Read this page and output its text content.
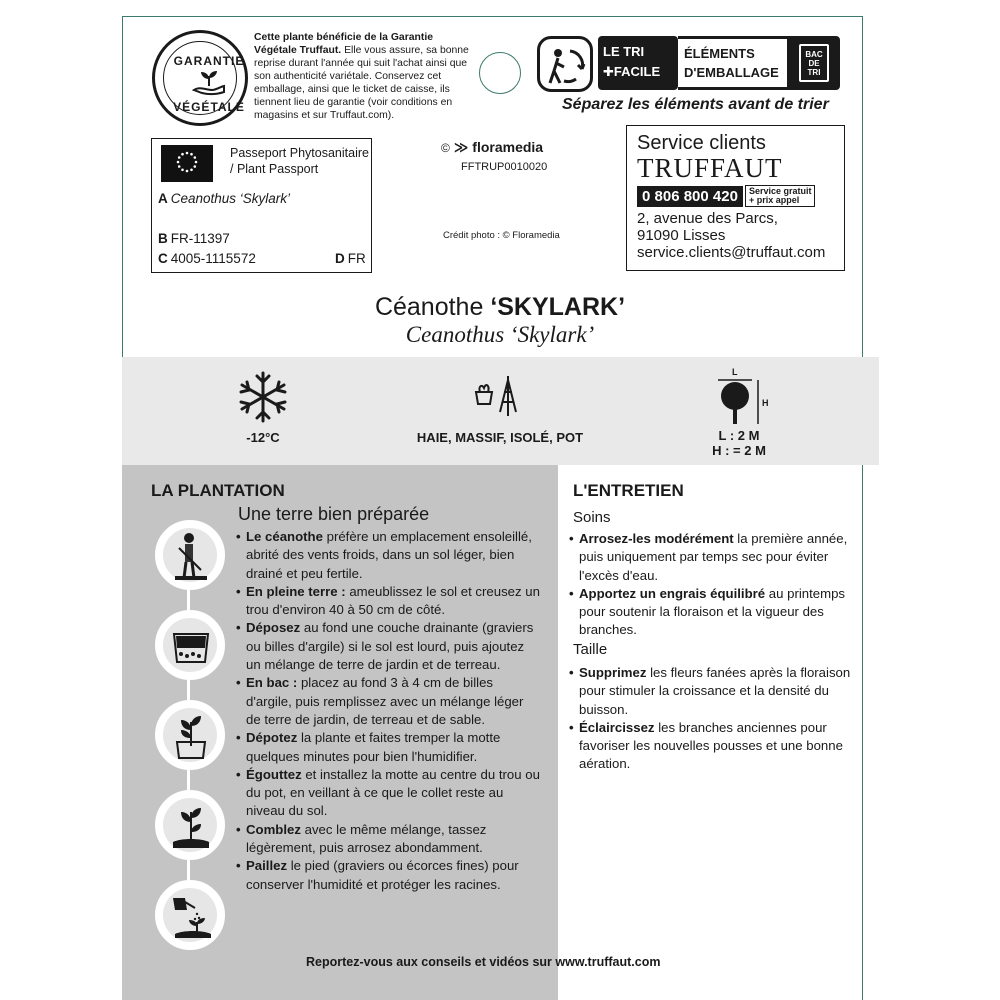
GARANTIE
VÉGÉTALE
Cette plante bénéficie de la Garantie Végétale Truffaut. Elle vous assure, sa bonne reprise durant l'année qui suit l'achat ainsi que son authenticité variétale. Conservez cet emballage, ainsi que le ticket de caisse, ils tiennent lieu de garantie (voir conditions en magasins et sur Truffaut.com).
LE TRI
✚FACILE
ÉLÉMENTS
D'EMBALLAGE
BAC DE TRI
Séparez les éléments avant de trier
Passeport Phytosanitaire
/ Plant Passport
A Ceanothus ‘Skylark’
B FR-11397
C 4005-1115572	D FR
© ≫ floramedia
FFTRUP0010020
Crédit photo : © Floramedia
Service clients
TRUFFAUT
0 806 800 420	Service gratuit
+ prix appel
2, avenue des Parcs,
91090 Lisses
service.clients@truffaut.com
Céanothe ‘SKYLARK’
Ceanothus ‘Skylark’
-12°C	HAIE, MASSIF, ISOLÉ, POT
L
H
L : 2 M
H : = 2 M
LA PLANTATION
Une terre bien préparée
• Le céanothe préfère un emplacement ensoleillé, abrité des vents froids, dans un sol léger, bien drainé et peu fertile.
• En pleine terre : ameublissez le sol et creusez un trou d'environ 40 à 50 cm de côté.
• Déposez au fond une couche drainante (graviers ou billes d'argile) si le sol est lourd, puis ajoutez un mélange de terre de jardin et de terreau.
• En bac : placez au fond 3 à 4 cm de billes d'argile, puis remplissez avec un mélange léger de terre de jardin, de terreau et de sable.
• Dépotez la plante et faites tremper la motte quelques minutes pour bien l'humidifier.
• Égouttez et installez la motte au centre du trou ou du pot, en veillant à ce que le collet reste au niveau du sol.
• Comblez avec le même mélange, tassez légèrement, puis arrosez abondamment.
• Paillez le pied (graviers ou écorces fines) pour conserver l'humidité et protéger les racines.
L'ENTRETIEN
Soins
• Arrosez-les modérément la première année, puis uniquement par temps sec pour éviter l'excès d'eau.
• Apportez un engrais équilibré au printemps pour soutenir la floraison et la vigueur des branches.
Taille
• Supprimez les fleurs fanées après la floraison pour stimuler la croissance et la densité du buisson.
• Éclaircissez les branches anciennes pour favoriser les nouvelles pousses et une bonne aération.
Reportez-vous aux conseils et vidéos sur www.truffaut.com
